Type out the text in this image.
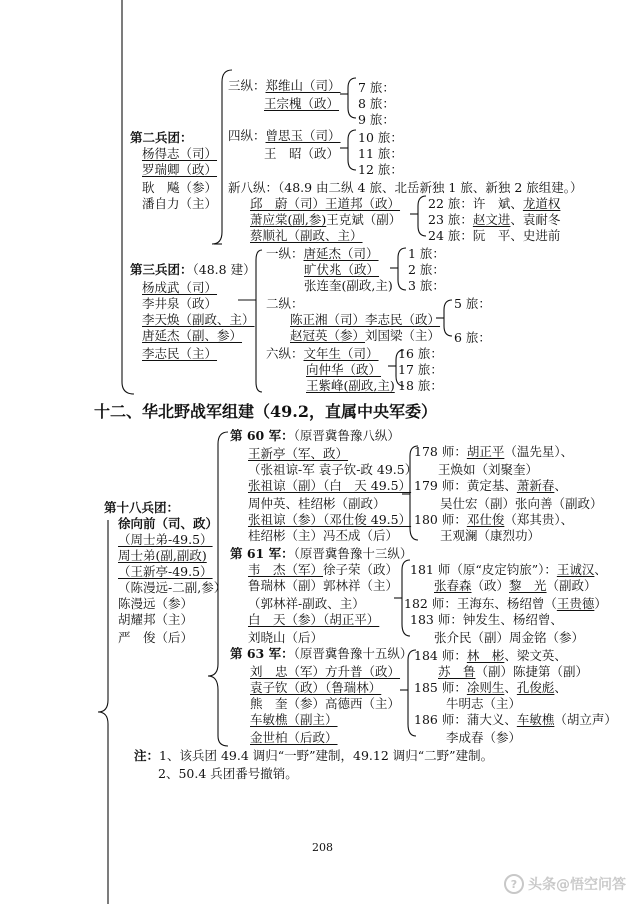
三纵：郑维山（司）
王宗槐（政）
四纵：曾思玉（司）
王　昭（政）
7 旅：
8 旅：
9 旅：
10 旅：
11 旅：
12 旅：
第二兵团：
杨得志（司）
罗瑞卿（政）
耿　飚（参）
潘自力（主）
新八纵：（48.9 由二纵 4 旅、北岳新独 1 旅、新独 2 旅组建。）
邱　蔚（司）王道邦（政）
萧应棠(副,参)王克斌（副）
蔡顺礼（副政、主）
22 旅：许　斌、龙道权
23 旅：赵文进、袁耐冬
24 旅：阮　平、史进前
一纵：唐延杰（司）
旷伏兆（政）
张连奎(副政,主)
1 旅：
2 旅：
3 旅：
第三兵团：（48.8 建）
杨成武（司）
李井泉（政）
李天焕（副政、主）
唐延杰（副、参）
李志民（主）
二纵：
陈正湘（司）李志民（政）
赵冠英（参）刘国梁（主）
5 旅：
6 旅：
六纵：文年生（司）
向仲华（政）
王紫峰(副政,主)
16 旅：
17 旅：
18 旅：
十二、华北野战军组建（49.2，直属中央军委）
第十八兵团：
徐向前（司、政）
（周士弟-49.5）
周士弟(副,副政)
（王新亭-49.5）
（陈漫远-二副,参）
陈漫远（参）
胡耀邦（主）
严　俊（后）
第 60 军：（原晋冀鲁豫八纵）
王新亭（军、政）
（张祖谅-军 袁子钦-政 49.5）
张祖谅（副）（白　天 49.5）
周仲英、桂绍彬（副政）
张祖谅（参）（邓仕俊 49.5）
桂绍彬（主）冯丕成（后）
178 师：胡正平（温先星）、
王焕如（刘聚奎）
179 师：黄定基、萧新春、
吴仕宏（副）张向善（副政）
180 师：邓仕俊（郑其贵）、
王观澜（康烈功）
第 61 军：（原晋冀鲁豫十三纵）
韦　杰（军）徐子荣（政）
鲁瑞林（副）郭林祥（主）
（郭林祥-副政、主）
白　天（参）（胡正平）
刘晓山（后）
181 师（原“皮定钧旅”）：王诚汉、
张春森（政）黎　光（副政）
182 师：王海东、杨绍曾（王贵德）
183 师：钟发生、杨绍曾、
张介民（副）周金铭（参）
第 63 军：（原晋冀鲁豫十五纵）
刘　忠（军）方升普（政）
袁子钦（政）（鲁瑞林）
熊　奎（参）高德西（主）
车敏樵（副主）
金世柏（后政）
184 师：林　彬、梁文英、
苏　鲁（副）陈捷第（副）
185 师：凃则生、孔俊彪、
牛明志（主）
186 师：蒲大义、车敏樵（胡立声）
李成春（参）
注：1、该兵团 49.4 调归“一野”建制，49.12 调归“二野”建制。
2、50.4 兵团番号撤销。
208
? 头条@悟空问答
